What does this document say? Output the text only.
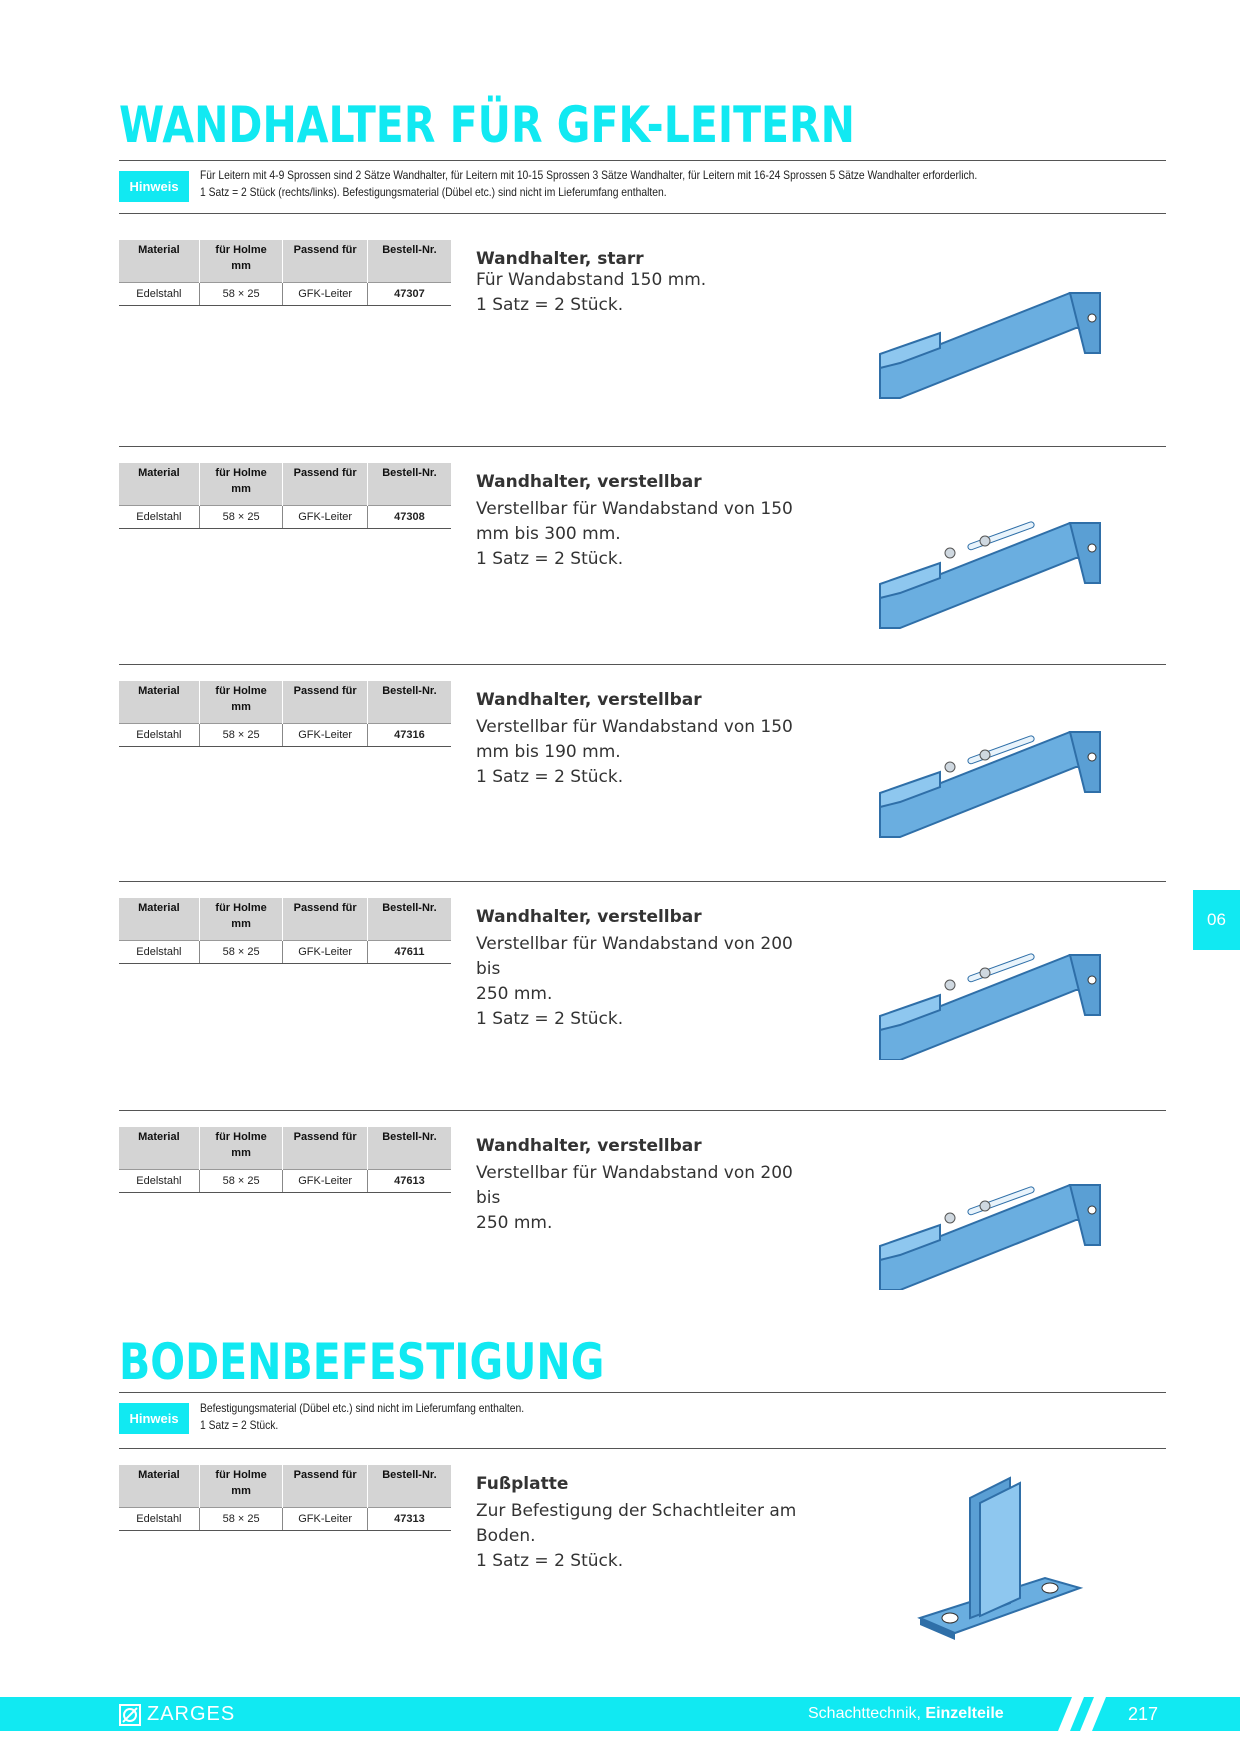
WANDHALTER FÜR GFK-LEITERN
Hinweis
Für Leitern mit 4-9 Sprossen sind 2 Sätze Wandhalter, für Leitern mit 10-15 Sprossen 3 Sätze Wandhalter, für Leitern mit 16-24 Sprossen 5 Sätze Wandhalter erforderlich.
1 Satz = 2 Stück (rechts/links). Befestigungsmaterial (Dübel etc.) sind nicht im Lieferumfang enthalten.
Material	für Holme
mm	Passend für	Bestell-Nr.
Edelstahl	58 × 25	GFK-Leiter	47307
Wandhalter, starr
Für Wandabstand 150 mm.
1 Satz = 2 Stück.
Material	für Holme
mm	Passend für	Bestell-Nr.
Edelstahl	58 × 25	GFK-Leiter	47308
Wandhalter, verstellbar
Verstellbar für Wandabstand von 150
mm bis 300 mm.
1 Satz = 2 Stück.
Material	für Holme
mm	Passend für	Bestell-Nr.
Edelstahl	58 × 25	GFK-Leiter	47316
Wandhalter, verstellbar
Verstellbar für Wandabstand von 150
mm bis 190 mm.
1 Satz = 2 Stück.
Material	für Holme
mm	Passend für	Bestell-Nr.
Edelstahl	58 × 25	GFK-Leiter	47611
Wandhalter, verstellbar
Verstellbar für Wandabstand von 200 bis
250 mm.
1 Satz = 2 Stück.
Material	für Holme
mm	Passend für	Bestell-Nr.
Edelstahl	58 × 25	GFK-Leiter	47613
Wandhalter, verstellbar
Verstellbar für Wandabstand von 200 bis
250 mm.
Material	für Holme
mm	Passend für	Bestell-Nr.
Edelstahl	58 × 25	GFK-Leiter	47313
Fußplatte
Zur Befestigung der Schachtleiter am
Boden.
1 Satz = 2 Stück.
BODENBEFESTIGUNG
Hinweis
Befestigungsmaterial (Dübel etc.) sind nicht im Lieferumfang enthalten.
1 Satz = 2 Stück.
06
ZARGES	Schachttechnik, Einzelteile	217
